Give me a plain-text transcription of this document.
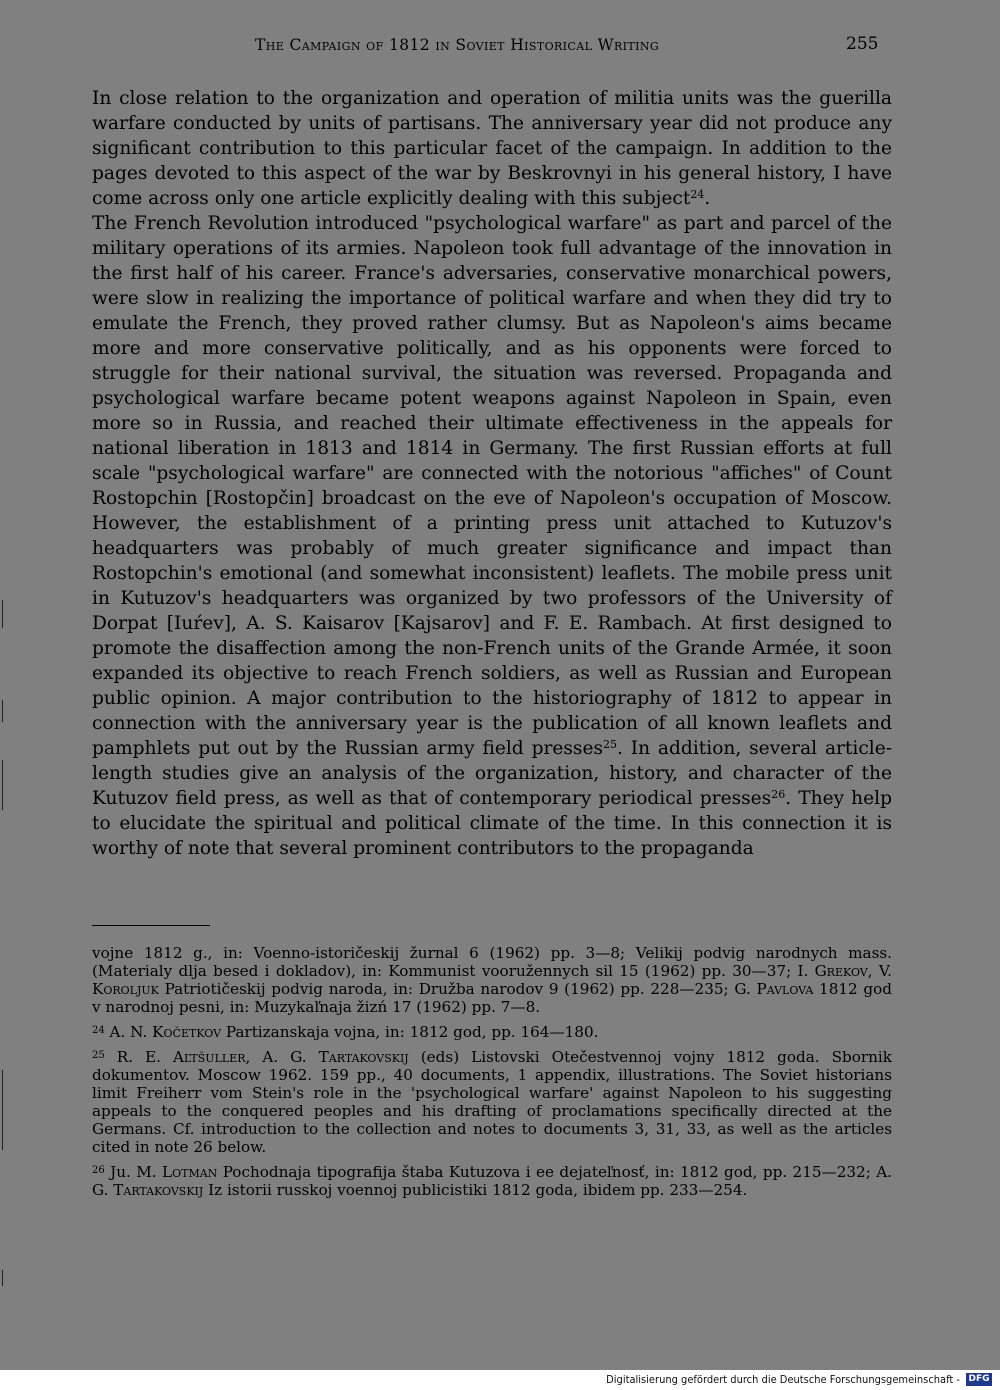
The Campaign of 1812 in Soviet Historical Writing	255

In close relation to the organization and operation of militia units was the guerilla warfare conducted by units of partisans. The anniversary year did not produce any significant contribution to this particular facet of the campaign. In addition to the pages devoted to this aspect of the war by Beskrovnyi in his general history, I have come across only one article explicitly dealing with this subject$^{24}$.

The French Revolution introduced "psychological warfare" as part and parcel of the military operations of its armies. Napoleon took full advantage of the innovation in the first half of his career. France's adversaries, conservative monarchical powers, were slow in realizing the importance of political warfare and when they did try to emulate the French, they proved rather clumsy. But as Napoleon's aims became more and more conservative politically, and as his opponents were forced to struggle for their national survival, the situation was reversed. Propaganda and psychological warfare became potent weapons against Napoleon in Spain, even more so in Russia, and reached their ultimate effectiveness in the appeals for national liberation in 1813 and 1814 in Germany. The first Russian efforts at full scale "psychological warfare" are connected with the notorious "affiches" of Count Rostopchin [Rostopčin] broadcast on the eve of Napoleon's occupation of Moscow. However, the establishment of a printing press unit attached to Kutuzov's headquarters was probably of much greater significance and impact than Rostopchin's emotional (and somewhat inconsistent) leaflets. The mobile press unit in Kutuzov's headquarters was organized by two professors of the University of Dorpat [Iuŕev], A. S. Kaisarov [Kajsarov] and F. E. Rambach. At first designed to promote the disaffection among the non-French units of the Grande Armée, it soon expanded its objective to reach French soldiers, as well as Russian and European public opinion. A major contribution to the historiography of 1812 to appear in connection with the anniversary year is the publication of all known leaflets and pamphlets put out by the Russian army field presses$^{25}$. In addition, several article-length studies give an analysis of the organization, history, and character of the Kutuzov field press, as well as that of contemporary periodical presses$^{26}$. They help to elucidate the spiritual and political climate of the time. In this connection it is worthy of note that several prominent contributors to the propaganda

vojne 1812 g., in: Voenno-istoričeskij žurnal 6 (1962) pp. 3—8; Velikij podvig narodnych mass. (Materialy dlja besed i dokladov), in: Kommunist vooružennych sil 15 (1962) pp. 30—37; I. Grekov, V. Koroljuk Patriotičeskij podvig naroda, in: Družba narodov 9 (1962) pp. 228—235; G. Pavlova 1812 god v narodnoj pesni, in: Muzykaľnaja žizń 17 (1962) pp. 7—8.

$^{24}$ A. N. Kočetkov Partizanskaja vojna, in: 1812 god, pp. 164—180.

$^{25}$ R. E. Aľtšuller, A. G. Tartakovskij (eds) Listovski Otečestvennoj vojny 1812 goda. Sbornik dokumentov. Moscow 1962. 159 pp., 40 documents, 1 appendix, illustrations. The Soviet historians limit Freiherr vom Stein's role in the 'psychological warfare' against Napoleon to his suggesting appeals to the conquered peoples and his drafting of proclamations specifically directed at the Germans. Cf. introduction to the collection and notes to documents 3, 31, 33, as well as the articles cited in note 26 below.

$^{26}$ Ju. M. Lotman Pochodnaja tipografija štaba Kutuzova i ee dejateľnosť, in: 1812 god, pp. 215—232; A. G. Tartakovskij Iz istorii russkoj voennoj publicistiki 1812 goda, ibidem pp. 233—254.

Digitalisierung gefördert durch die Deutsche Forschungsgemeinschaft - DFG
